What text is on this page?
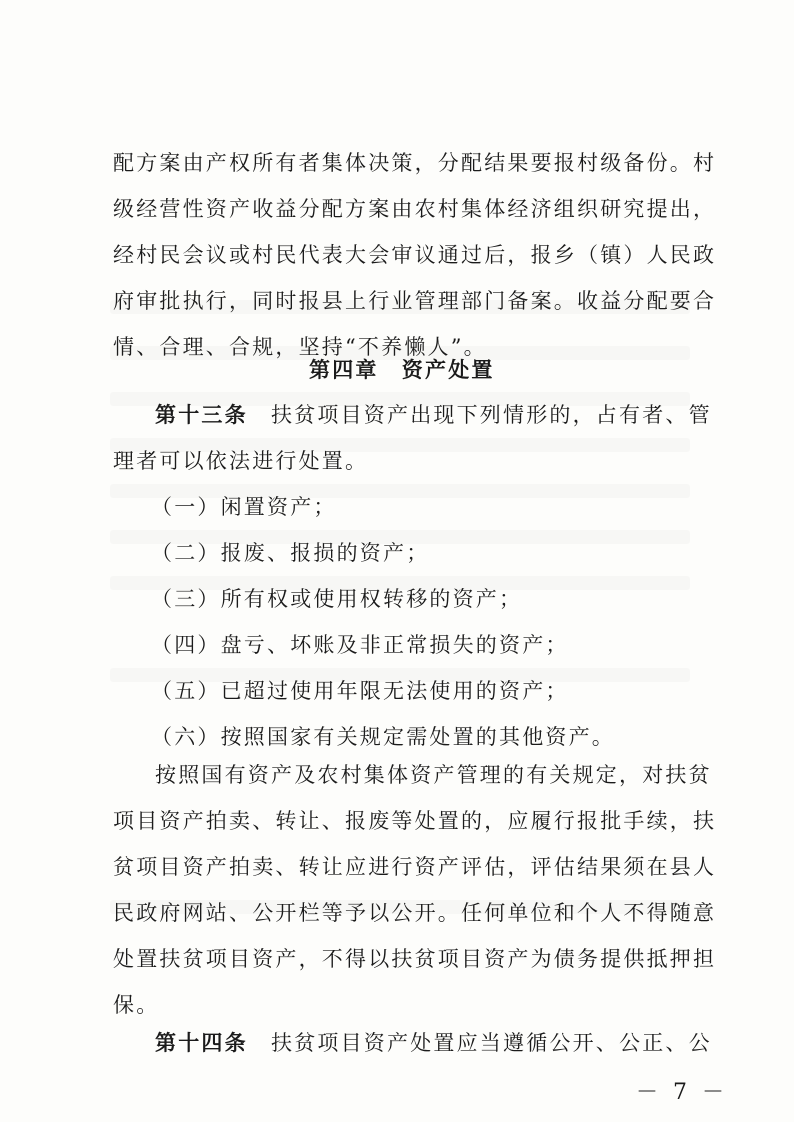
配方案由产权所有者集体决策，分配结果要报村级备份。村
级经营性资产收益分配方案由农村集体经济组织研究提出，
经村民会议或村民代表大会审议通过后，报乡（镇）人民政
府审批执行，同时报县上行业管理部门备案。收益分配要合
情、合理、合规，坚持“不养懒人”。
第四章　资产处置
第十三条　扶贫项目资产出现下列情形的，占有者、管
理者可以依法进行处置。
（一）闲置资产；
（二）报废、报损的资产；
（三）所有权或使用权转移的资产；
（四）盘亏、坏账及非正常损失的资产；
（五）已超过使用年限无法使用的资产；
（六）按照国家有关规定需处置的其他资产。
按照国有资产及农村集体资产管理的有关规定，对扶贫
项目资产拍卖、转让、报废等处置的，应履行报批手续，扶
贫项目资产拍卖、转让应进行资产评估，评估结果须在县人
民政府网站、公开栏等予以公开。任何单位和个人不得随意
处置扶贫项目资产，不得以扶贫项目资产为债务提供抵押担
保。
第十四条　扶贫项目资产处置应当遵循公开、公正、公
－ 7 －
